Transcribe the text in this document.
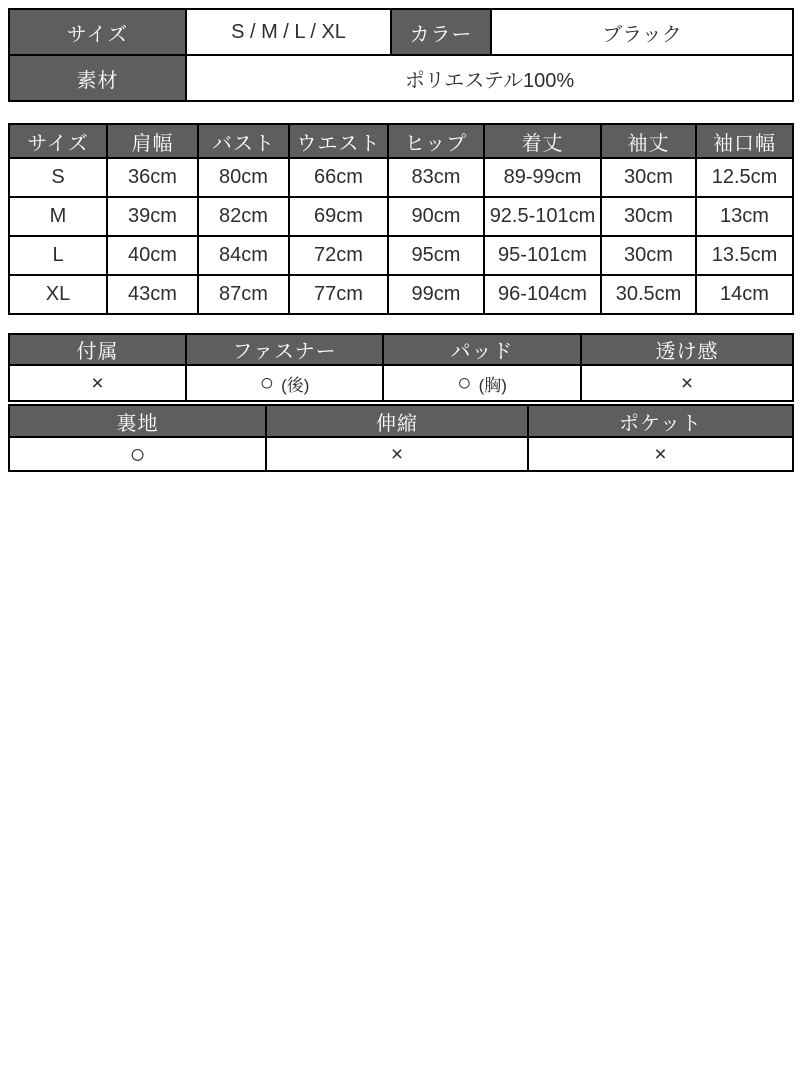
サイズ	S / M / L / XL	カラー	ブラック
素材	ポリエステル100%		
サイズ	肩幅	バスト	ウエスト	ヒップ	着丈	袖丈	袖口幅
S	36cm	80cm	66cm	83cm	89-99cm	30cm	12.5cm
M	39cm	82cm	69cm	90cm	92.5-101cm	30cm	13cm
L	40cm	84cm	72cm	95cm	95-101cm	30cm	13.5cm
XL	43cm	87cm	77cm	99cm	96-104cm	30.5cm	14cm
付属	ファスナー	パッド	透け感
×	○ (後)	○ (胸)	×
裏地	伸縮	ポケット
○	×	×
